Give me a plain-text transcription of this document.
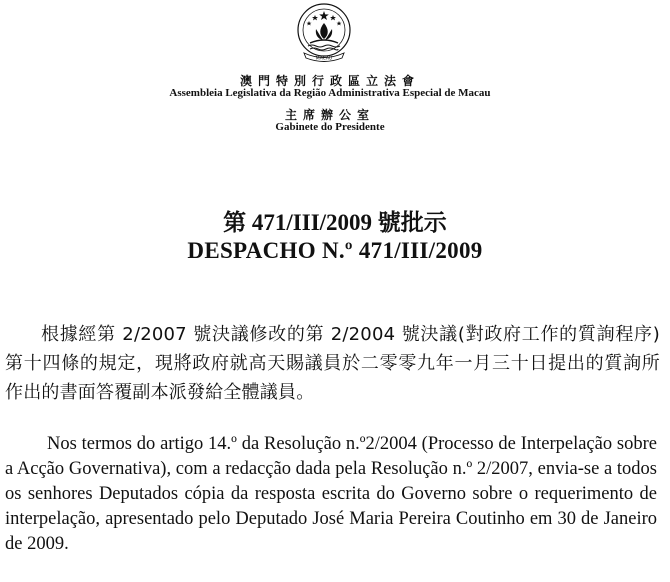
MACAU
澳門特別行政區立法會
Assembleia Legislativa da Região Administrativa Especial de Macau
主席辦公室
Gabinete do Presidente
第 471/III/2009 號批示
DESPACHO N.º 471/III/2009
根據經第 2/2007 號決議修改的第 2/2004 號決議(對政府工作的質詢程序)第十四條的規定，現將政府就高天賜議員於二零零九年一月三十日提出的質詢所作出的書面答覆副本派發給全體議員。
Nos termos do artigo 14.º da Resolução n.º2/2004 (Processo de Interpelação sobre a Acção Governativa), com a redacção dada pela Resolução n.º 2/2007, envia-se a todos os senhores Deputados cópia da resposta escrita do Governo sobre o requerimento de interpelação, apresentado pelo Deputado José Maria Pereira Coutinho em 30 de Janeiro de 2009.
